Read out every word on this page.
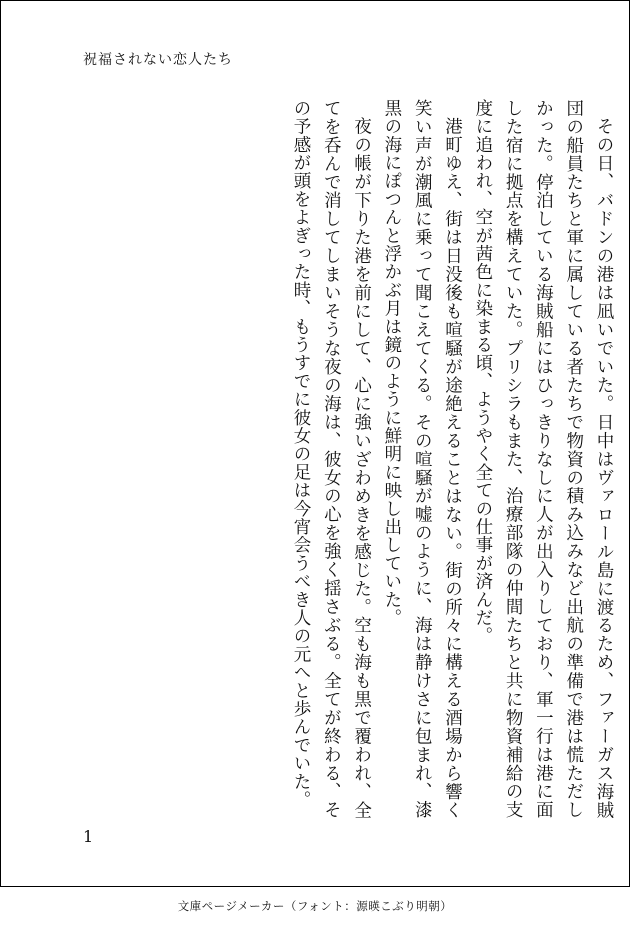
祝福されない恋人たち

その日、バドンの港は凪いでいた。日中はヴァロール島に渡るため、ファーガス海賊団の船員たちと軍に属している者たちで物資の積み込みなど出航の準備で港は慌ただしかった。停泊している海賊船にはひっきりなしに人が出入りしており、軍一行は港に面した宿に拠点を構えていた。プリシラもまた、治療部隊の仲間たちと共に物資補給の支度に追われ、空が茜色に染まる頃、ようやく全ての仕事が済んだ。

港町ゆえ、街は日没後も喧騒が途絶えることはない。街の所々に構える酒場から響く笑い声が潮風に乗って聞こえてくる。その喧騒が嘘のように、海は静けさに包まれ、漆黒の海にぽつんと浮かぶ月は鏡のように鮮明に映し出していた。

夜の帳が下りた港を前にして、心に強いざわめきを感じた。空も海も黒で覆われ、全てを呑んで消してしまいそうな夜の海は、彼女の心を強く揺さぶる。全てが終わる、その予感が頭をよぎった時、もうすでに彼女の足は今宵会うべき人の元へと歩んでいた。

1
文庫ページメーカー（フォント：源暎こぶり明朝）
